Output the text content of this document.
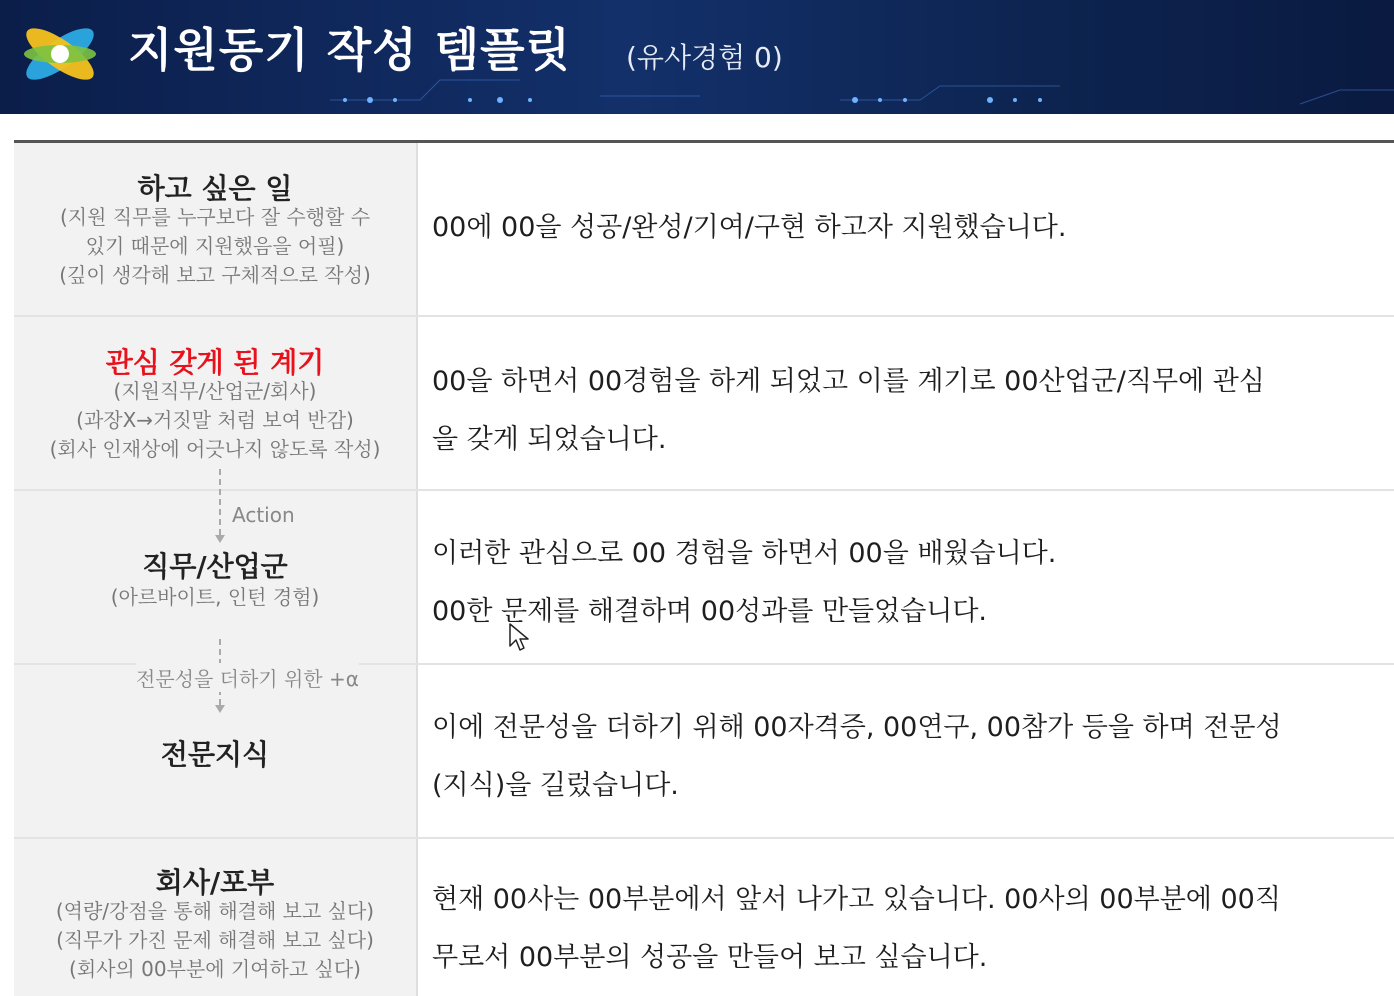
지원동기 작성 템플릿 (유사경험 0)
하고 싶은 일
(지원 직무를 누구보다 잘 수행할 수
있기 때문에 지원했음을 어필)
(깊이 생각해 보고 구체적으로 작성)
00에 00을 성공/완성/기여/구현 하고자 지원했습니다.
관심 갖게 된 계기
(지원직무/산업군/회사)
(과장X→거짓말 처럼 보여 반감)
(회사 인재상에 어긋나지 않도록 작성)
00을 하면서 00경험을 하게 되었고 이를 계기로 00산업군/직무에 관심
을 갖게 되었습니다.
직무/산업군
(아르바이트, 인턴 경험)
이러한 관심으로 00 경험을 하면서 00을 배웠습니다.
00한 문제를 해결하며 00성과를 만들었습니다.
전문지식
이에 전문성을 더하기 위해 00자격증, 00연구, 00참가 등을 하며 전문성
(지식)을 길렀습니다.
회사/포부
(역량/강점을 통해 해결해 보고 싶다)
(직무가 가진 문제 해결해 보고 싶다)
(회사의 00부분에 기여하고 싶다)
현재 00사는 00부분에서 앞서 나가고 있습니다. 00사의 00부분에 00직
무로서 00부분의 성공을 만들어 보고 싶습니다.
Action
전문성을 더하기 위한 +α
